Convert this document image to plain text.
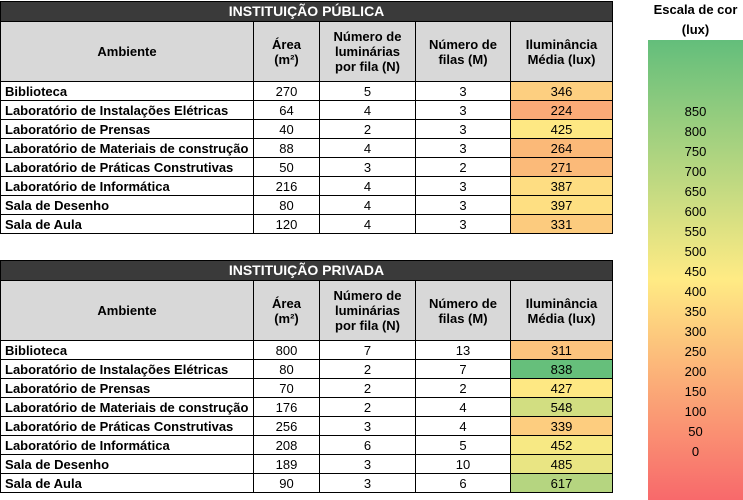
INSTITUIÇÃO PÚBLICA				
Ambiente	Área (m²)	Número de luminárias por fila (N)	Número de filas (M)	Iluminância Média (lux)
Biblioteca	270	5	3	346
Laboratório de Instalações Elétricas	64	4	3	224
Laboratório de Prensas	40	2	3	425
Laboratório de Materiais de construção	88	4	3	264
Laboratório de Práticas Construtivas	50	3	2	271
Laboratório de Informática	216	4	3	387
Sala de Desenho	80	4	3	397
Sala de Aula	120	4	3	331
INSTITUIÇÃO PRIVADA				
Ambiente	Área (m²)	Número de luminárias por fila (N)	Número de filas (M)	Iluminância Média (lux)
Biblioteca	800	7	13	311
Laboratório de Instalações Elétricas	80	2	7	838
Laboratório de Prensas	70	2	2	427
Laboratório de Materiais de construção	176	2	4	548
Laboratório de Práticas Construtivas	256	3	4	339
Laboratório de Informática	208	6	5	452
Sala de Desenho	189	3	10	485
Sala de Aula	90	3	6	617
Escala de cor
(lux)
850
800
750
700
650
600
550
500
450
400
350
300
250
200
150
100
50
0
